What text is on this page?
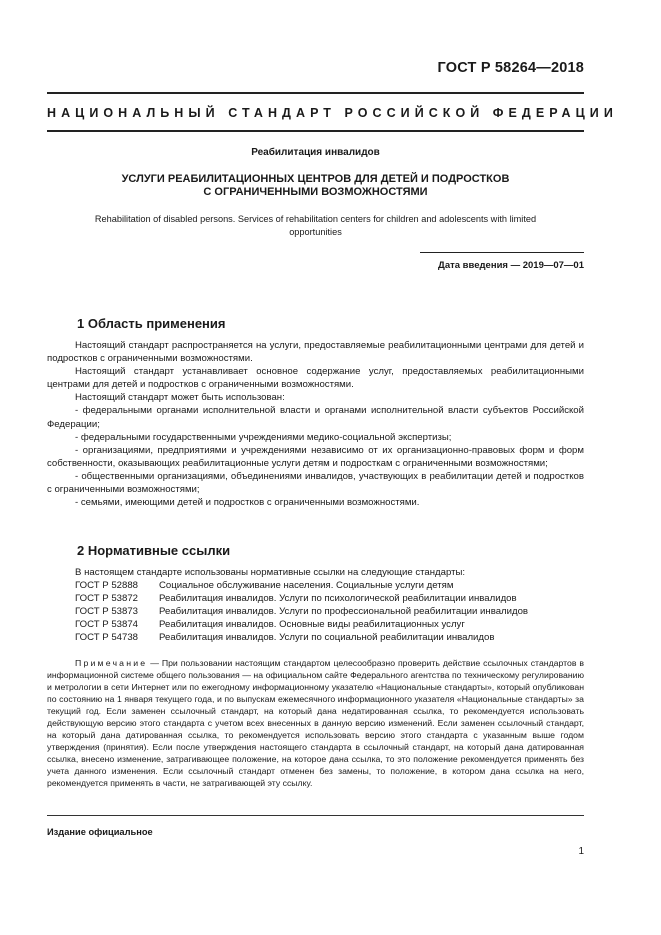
ГОСТ Р 58264—2018
НАЦИОНАЛЬНЫЙ СТАНДАРТ РОССИЙСКОЙ ФЕДЕРАЦИИ
Реабилитация инвалидов
УСЛУГИ РЕАБИЛИТАЦИОННЫХ ЦЕНТРОВ ДЛЯ ДЕТЕЙ И ПОДРОСТКОВ
С ОГРАНИЧЕННЫМИ ВОЗМОЖНОСТЯМИ
Rehabilitation of disabled persons. Services of rehabilitation centers for children and adolescents with limited opportunities
Дата введения — 2019—07—01
1 Область применения

Настоящий стандарт распространяется на услуги, предоставляемые реабилитационными центрами для детей и подростков с ограниченными возможностями.

Настоящий стандарт устанавливает основное содержание услуг, предоставляемых реабилитационными центрами для детей и подростков с ограниченными возможностями.

Настоящий стандарт может быть использован:

- федеральными органами исполнительной власти и органами исполнительной власти субъектов Российской Федерации;

- федеральными государственными учреждениями медико-социальной экспертизы;

- организациями, предприятиями и учреждениями независимо от их организационно-правовых форм и форм собственности, оказывающих реабилитационные услуги детям и подросткам с ограниченными возможностями;

- общественными организациями, объединениями инвалидов, участвующих в реабилитации детей и подростков с ограниченными возможностями;

- семьями, имеющими детей и подростков с ограниченными возможностями.

2 Нормативные ссылки
В настоящем стандарте использованы нормативные ссылки на следующие стандарты:
ГОСТ Р 52888	Социальное обслуживание населения. Социальные услуги детям
ГОСТ Р 53872	Реабилитация инвалидов. Услуги по психологической реабилитации инвалидов
ГОСТ Р 53873	Реабилитация инвалидов. Услуги по профессиональной реабилитации инвалидов
ГОСТ Р 53874	Реабилитация инвалидов. Основные виды реабилитационных услуг
ГОСТ Р 54738	Реабилитация инвалидов. Услуги по социальной реабилитации инвалидов
Примечание — При пользовании настоящим стандартом целесообразно проверить действие ссылочных стандартов в информационной системе общего пользования — на официальном сайте Федерального агентства по техническому регулированию и метрологии в сети Интернет или по ежегодному информационному указателю «Национальные стандарты», который опубликован по состоянию на 1 января текущего года, и по выпускам ежемесячного информационного указателя «Национальные стандарты» за текущий год. Если заменен ссылочный стандарт, на который дана недатированная ссылка, то рекомендуется использовать действующую версию этого стандарта с учетом всех внесенных в данную версию изменений. Если заменен ссылочный стандарт, на который дана датированная ссылка, то рекомендуется использовать версию этого стандарта с указанным выше годом утверждения (принятия). Если после утверждения настоящего стандарта в ссылочный стандарт, на который дана датированная ссылка, внесено изменение, затрагивающее положение, на которое дана ссылка, то это положение рекомендуется применять без учета данного изменения. Если ссылочный стандарт отменен без замены, то положение, в котором дана ссылка на него, рекомендуется применять в части, не затрагивающей эту ссылку.
Издание официальное
1
